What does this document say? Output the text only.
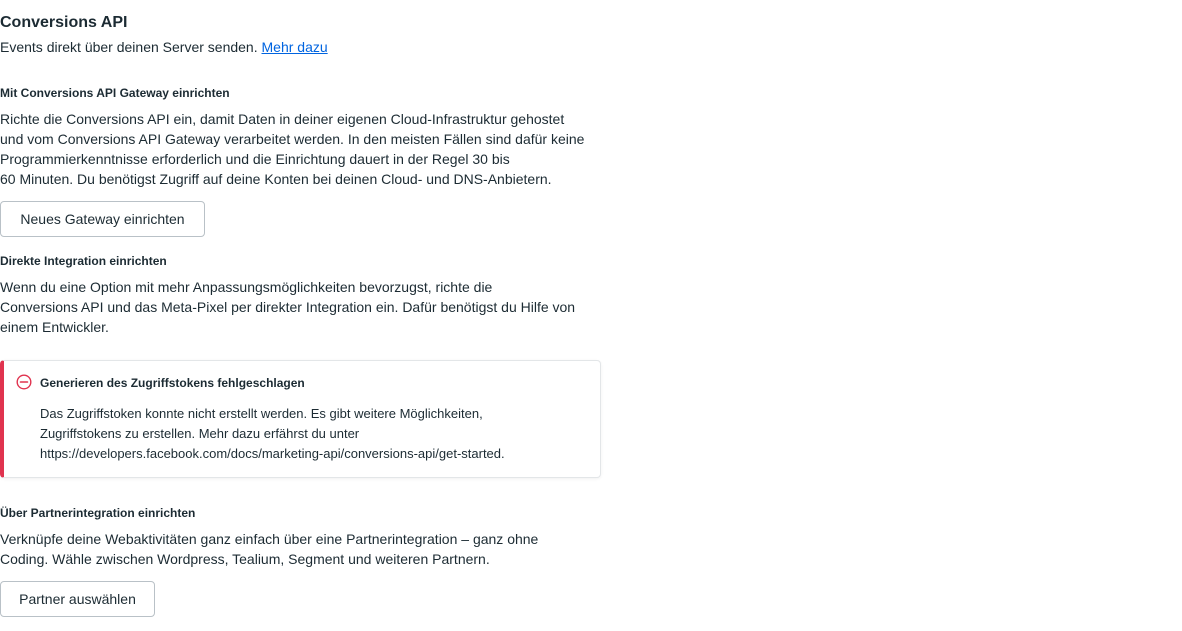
Conversions API
Events direkt über deinen Server senden. Mehr dazu
Mit Conversions API Gateway einrichten
Richte die Conversions API ein, damit Daten in deiner eigenen Cloud-Infrastruktur gehostet
und vom Conversions API Gateway verarbeitet werden. In den meisten Fällen sind dafür keine
Programmierkenntnisse erforderlich und die Einrichtung dauert in der Regel 30 bis
60 Minuten. Du benötigst Zugriff auf deine Konten bei deinen Cloud- und DNS-Anbietern.
Neues Gateway einrichten
Direkte Integration einrichten
Wenn du eine Option mit mehr Anpassungsmöglichkeiten bevorzugst, richte die
Conversions API und das Meta-Pixel per direkter Integration ein. Dafür benötigst du Hilfe von
einem Entwickler.
Generieren des Zugriffstokens fehlgeschlagen
Das Zugriffstoken konnte nicht erstellt werden. Es gibt weitere Möglichkeiten,
Zugriffstokens zu erstellen. Mehr dazu erfährst du unter
https://developers.facebook.com/docs/marketing-api/conversions-api/get-started.
Über Partnerintegration einrichten
Verknüpfe deine Webaktivitäten ganz einfach über eine Partnerintegration – ganz ohne
Coding. Wähle zwischen Wordpress, Tealium, Segment und weiteren Partnern.
Partner auswählen
